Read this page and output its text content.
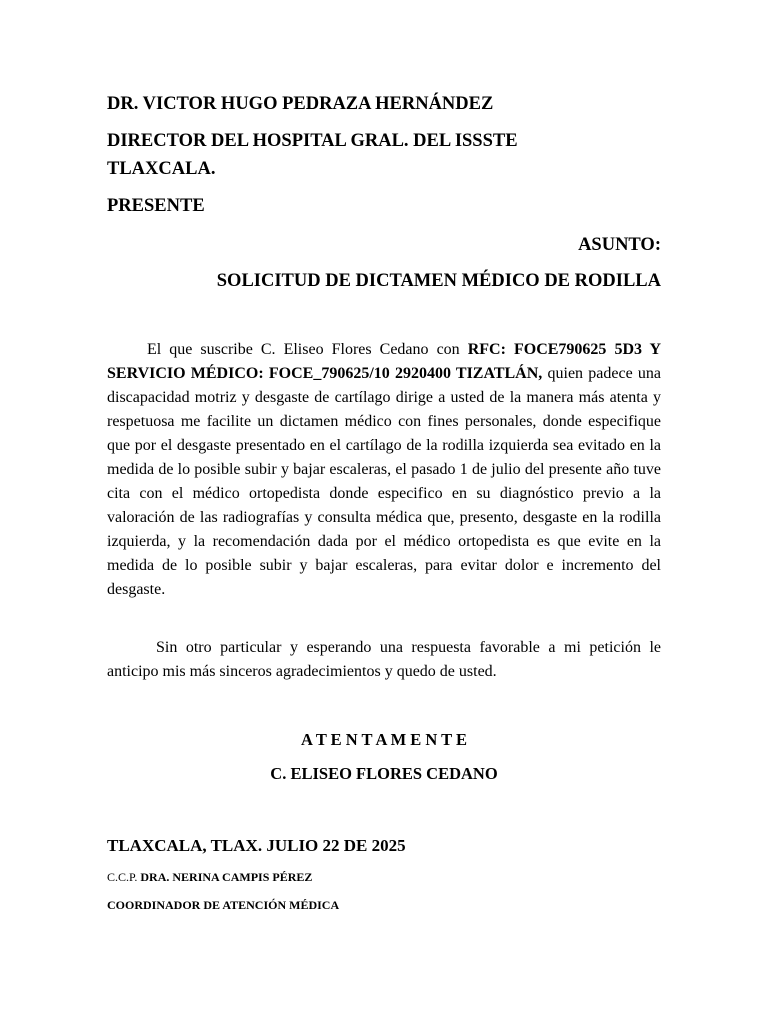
DR. VICTOR HUGO PEDRAZA HERNÁNDEZ
DIRECTOR DEL HOSPITAL GRAL. DEL ISSSTE
TLAXCALA.
PRESENTE
ASUNTO:
SOLICITUD DE DICTAMEN MÉDICO DE RODILLA
El que suscribe C. Eliseo Flores Cedano con RFC: FOCE790625 5D3 Y SERVICIO MÉDICO: FOCE_790625/10 2920400 TIZATLÁN, quien padece una discapacidad motriz y desgaste de cartílago dirige a usted de la manera más atenta y respetuosa me facilite un dictamen médico con fines personales, donde especifique que por el desgaste presentado en el cartílago de la rodilla izquierda sea evitado en la medida de lo posible subir y bajar escaleras, el pasado 1 de julio del presente año tuve cita con el médico ortopedista donde especifico en su diagnóstico previo a la valoración de las radiografías y consulta médica que, presento, desgaste en la rodilla izquierda, y la recomendación dada por el médico ortopedista es que evite en la medida de lo posible subir y bajar escaleras, para evitar dolor e incremento del desgaste.
Sin otro particular y esperando una respuesta favorable a mi petición le anticipo mis más sinceros agradecimientos y quedo de usted.
A T E N T A M E N T E
C. ELISEO FLORES CEDANO
TLAXCALA, TLAX. JULIO 22 DE 2025
C.C.P. DRA. NERINA CAMPIS PÉREZ
COORDINADOR DE ATENCIÓN MÉDICA
